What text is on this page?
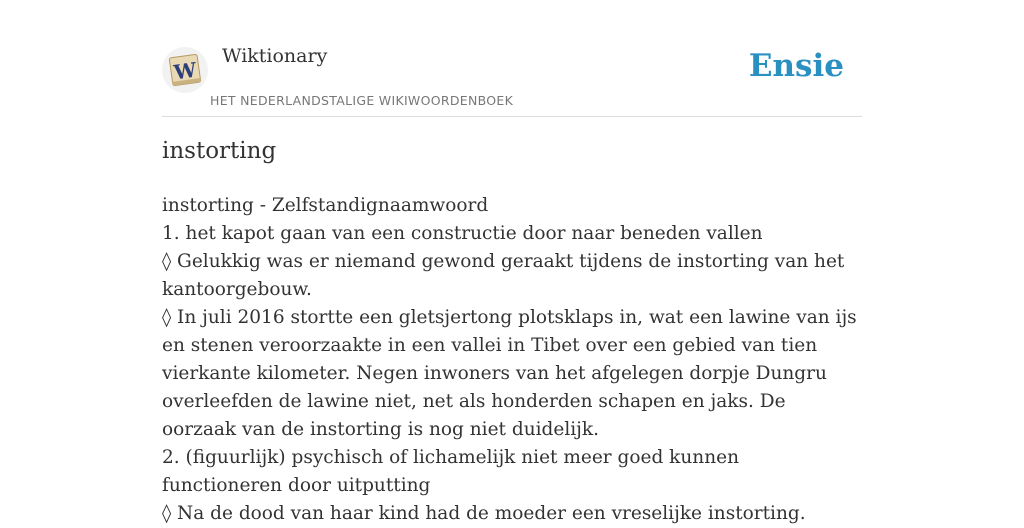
W
Wiktionary
HET NEDERLANDSTALIGE WIKIWOORDENBOEK
Ensie
instorting

instorting - Zelfstandignaamwoord

1. het kapot gaan van een constructie door naar beneden vallen

◊ Gelukkig was er niemand gewond geraakt tijdens de instorting van het kantoorgebouw.

◊ In juli 2016 stortte een gletsjertong plotsklaps in, wat een lawine van ijs en stenen veroorzaakte in een vallei in Tibet over een gebied van tien vierkante kilometer. Negen inwoners van het afgelegen dorpje Dungru overleefden de lawine niet, net als honderden schapen en jaks. De oorzaak van de instorting is nog niet duidelijk.

2. (figuurlijk) psychisch of lichamelijk niet meer goed kunnen functioneren door uitputting

◊ Na de dood van haar kind had de moeder een vreselijke instorting.
